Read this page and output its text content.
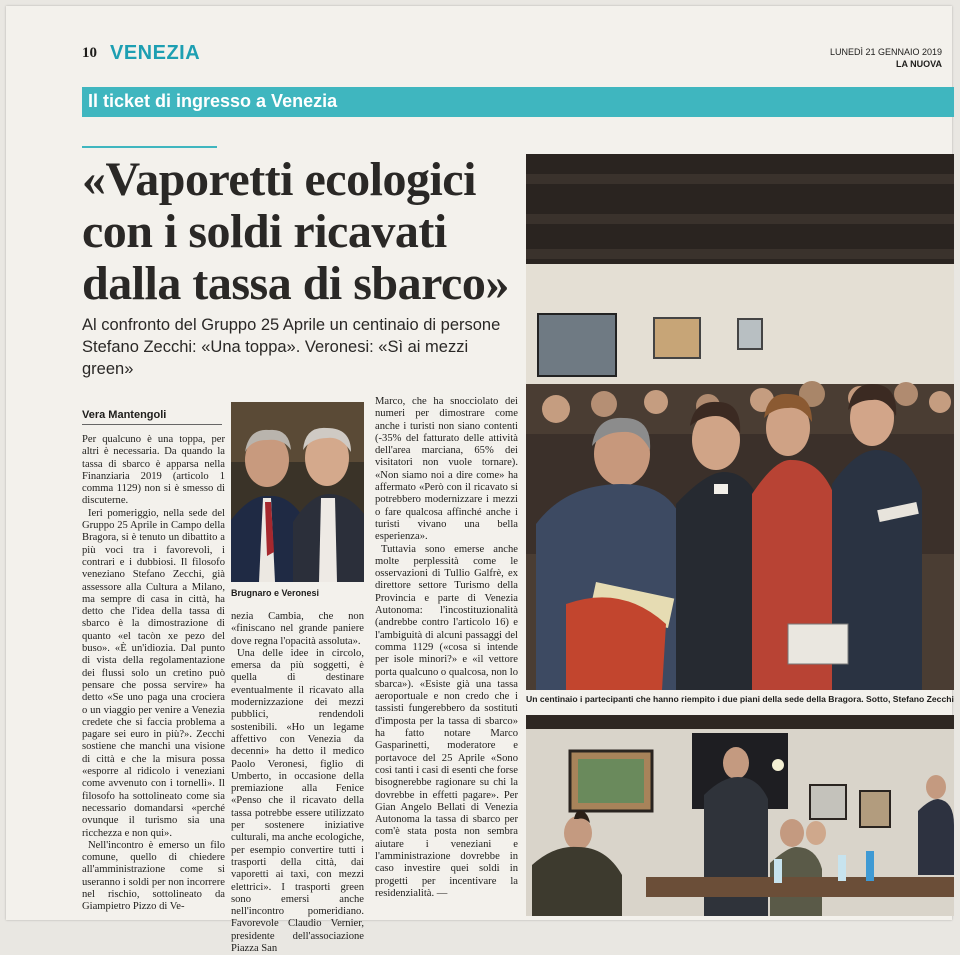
10 VENEZIA	LUNEDÌ 21 GENNAIO 2019
LA NUOVA
Il ticket di ingresso a Venezia
«Vaporetti ecologici
con i soldi ricavati
dalla tassa di sbarco»
Al confronto del Gruppo 25 Aprile un centinaio di persone
Stefano Zecchi: «Una toppa». Veronesi: «Sì ai mezzi green»
Vera Mantengoli

Per qualcuno è una toppa, per altri è necessaria. Da quando la tassa di sbarco è apparsa nella Finanziaria 2019 (articolo 1 comma 1129) non si è smesso di discuterne.

Ieri pomeriggio, nella sede del Gruppo 25 Aprile in Campo della Bragora, si è tenuto un dibattito a più voci tra i favorevoli, i contrari e i dubbiosi. Il filosofo veneziano Stefano Zecchi, già assessore alla Cultura a Milano, ma sempre di casa in città, ha detto che l'idea della tassa di sbarco è la dimostrazione di quanto «el tacòn xe pezo del buso». «È un'idiozia. Dal punto di vista della regolamentazione dei flussi solo un cretino può pensare che possa servire» ha detto «Se uno paga una crociera o un viaggio per venire a Venezia credete che si faccia problema a pagare sei euro in più?». Zecchi sostiene che manchi una visione di città e che la misura possa «esporre al ridicolo i veneziani come avvenuto con i tornelli». Il filosofo ha sottolineato come sia necessario domandarsi «perché ovunque il turismo sia una ricchezza e non qui».

Nell'incontro è emerso un filo comune, quello di chiedere all'amministrazione come si useranno i soldi per non incorrere nel rischio, sottolineato da Giampietro Pizzo di Ve-

Brugnaro e Veronesi

nezia Cambia, che non «finiscano nel grande paniere dove regna l'opacità assoluta».

Una delle idee in circolo, emersa da più soggetti, è quella di destinare eventualmente il ricavato alla modernizzazione dei mezzi pubblici, rendendoli sostenibili. «Ho un legame affettivo con Venezia da decenni» ha detto il medico Paolo Veronesi, figlio di Umberto, in occasione della premiazione alla Fenice «Penso che il ricavato della tassa potrebbe essere utilizzato per sostenere iniziative culturali, ma anche ecologiche, per esempio convertire tutti i trasporti della città, dai vaporetti ai taxi, con mezzi elettrici». I trasporti green sono emersi anche nell'incontro pomeridiano. Favorevole Claudio Vernier, presidente dell'associazione Piazza San

Marco, che ha snocciolato dei numeri per dimostrare come anche i turisti non siano contenti (-35% del fatturato delle attività dell'area marciana, 65% dei visitatori non vuole tornare). «Non siamo noi a dire come» ha affermato «Però con il ricavato si potrebbero modernizzare i mezzi o fare qualcosa affinché anche i turisti vivano una bella esperienza».

Tuttavia sono emerse anche molte perplessità come le osservazioni di Tullio Galfrè, ex direttore settore Turismo della Provincia e parte di Venezia Autonoma: l'incostituzionalità (andrebbe contro l'articolo 16) e l'ambiguità di alcuni passaggi del comma 1129 («cosa si intende per isole minori?» e «il vettore porta qualcuno o qualcosa, non lo sbarca»). «Esiste già una tassa aeroportuale e non credo che i tassisti fungerebbero da sostituti d'imposta per la tassa di sbarco» ha fatto notare Marco Gasparinetti, moderatore e portavoce del 25 Aprile «Sono così tanti i casi di esenti che forse bisognerebbe ragionare su chi la dovrebbe in effetti pagare». Per Gian Angelo Bellati di Venezia Autonoma la tassa di sbarco per com'è stata posta non sembra aiutare i veneziani e l'amministrazione dovrebbe in caso investire quei soldi in progetti per incentivare la residenzialità. —

Un centinaio i partecipanti che hanno riempito i due piani della sede della Bragora. Sotto, Stefano Zecchi
